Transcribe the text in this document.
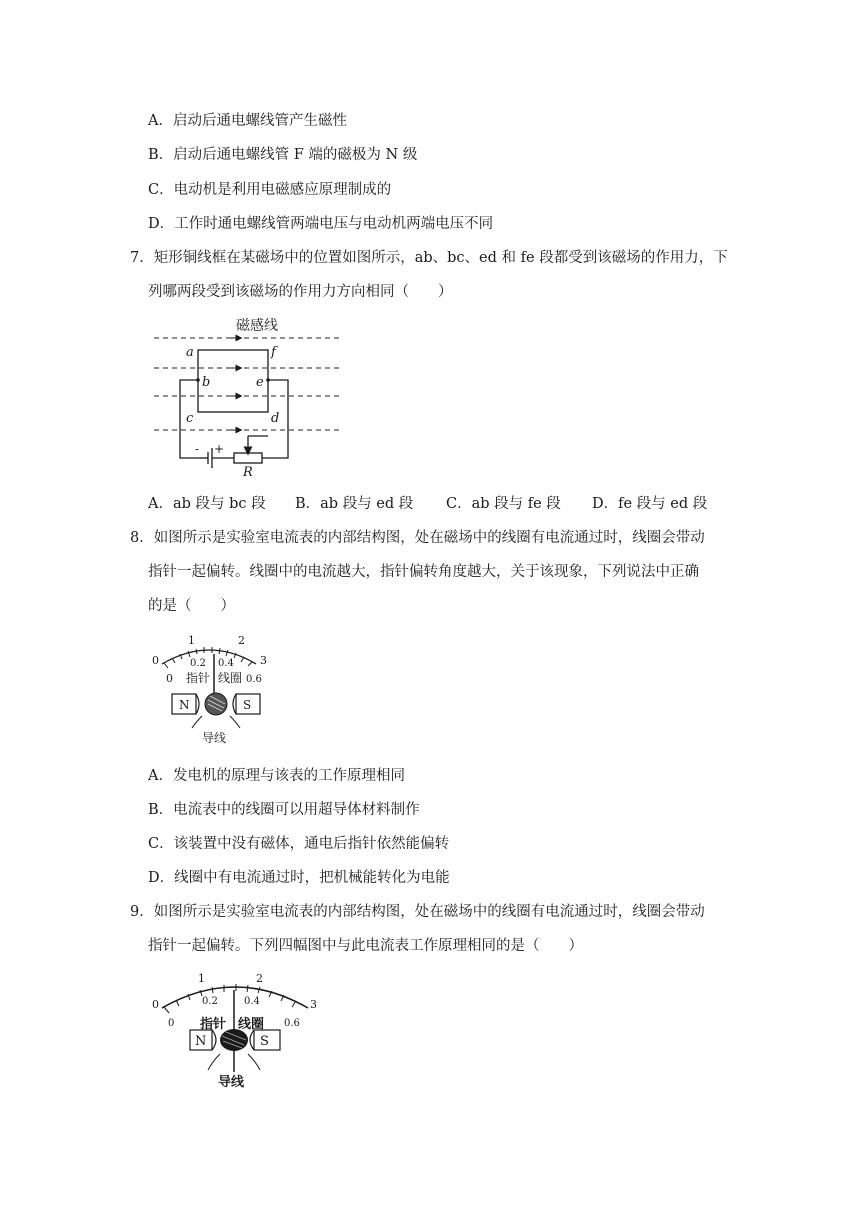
A．启动后通电螺线管产生磁性
B．启动后通电螺线管 F 端的磁极为 N 级
C．电动机是利用电磁感应原理制成的
D．工作时通电螺线管两端电压与电动机两端电压不同
7．矩形铜线框在某磁场中的位置如图所示，ab、bc、ed 和 fe 段都受到该磁场的作用力，下
列哪两段受到该磁场的作用力方向相同（　　）
磁感线
a	f
b	e
c	d
- +
R
A．ab 段与 bc 段 B．ab 段与 ed 段 C．ab 段与 fe 段 D．fe 段与 ed 段
8．如图所示是实验室电流表的内部结构图，处在磁场中的线圈有电流通过时，线圈会带动
指针一起偏转。线圈中的电流越大，指针偏转角度越大，关于该现象，下列说法中正确
的是（　　）
0
1	2
3
0
0.2 0.4
0.6
指针 线圈
N	S
导线
A．发电机的原理与该表的工作原理相同
B．电流表中的线圈可以用超导体材料制作
C．该装置中没有磁体，通电后指针依然能偏转
D．线圈中有电流通过时，把机械能转化为电能
9．如图所示是实验室电流表的内部结构图，处在磁场中的线圈有电流通过时，线圈会带动
指针一起偏转。下列四幅图中与此电流表工作原理相同的是（　　）
0
1	2
3
0
0.2	0.4
0.6
指针 线圈
N	S
导线
